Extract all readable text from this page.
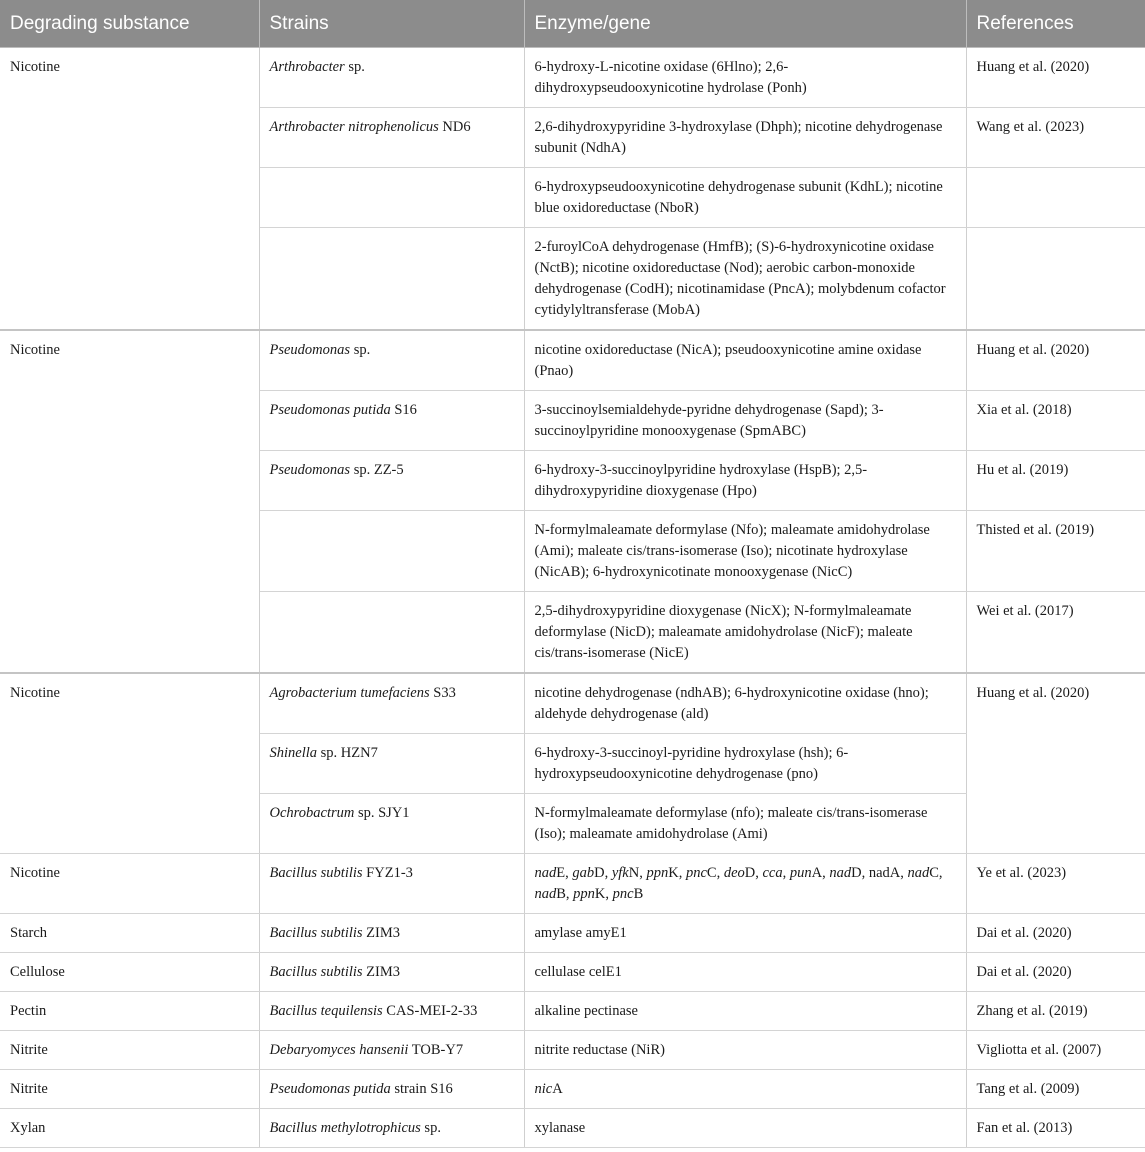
Degrading substance	Strains	Enzyme/gene	References
Nicotine	Arthrobacter sp.	6-hydroxy-L-nicotine oxidase (6Hlno); 2,6-dihydroxypseudooxynicotine hydrolase (Ponh)	Huang et al. (2020)
	Arthrobacter nitrophenolicus ND6	2,6-dihydroxypyridine 3-hydroxylase (Dhph); nicotine dehydrogenase subunit (NdhA)	Wang et al. (2023)
		6-hydroxypseudooxynicotine dehydrogenase subunit (KdhL); nicotine blue oxidoreductase (NboR)	
		2-furoylCoA dehydrogenase (HmfB); (S)-6-hydroxynicotine oxidase (NctB); nicotine oxidoreductase (Nod); aerobic carbon-monoxide dehydrogenase (CodH); nicotinamidase (PncA); molybdenum cofactor cytidylyltransferase (MobA)	
Nicotine	Pseudomonas sp.	nicotine oxidoreductase (NicA); pseudooxynicotine amine oxidase (Pnao)	Huang et al. (2020)
	Pseudomonas putida S16	3-succinoylsemialdehyde-pyridne dehydrogenase (Sapd); 3-succinoylpyridine monooxygenase (SpmABC)	Xia et al. (2018)
	Pseudomonas sp. ZZ-5	6-hydroxy-3-succinoylpyridine hydroxylase (HspB); 2,5-dihydroxypyridine dioxygenase (Hpo)	Hu et al. (2019)
		N-formylmaleamate deformylase (Nfo); maleamate amidohydrolase (Ami); maleate cis/trans-isomerase (Iso); nicotinate hydroxylase (NicAB); 6-hydroxynicotinate monooxygenase (NicC)	Thisted et al. (2019)
		2,5-dihydroxypyridine dioxygenase (NicX); N-formylmaleamate deformylase (NicD); maleamate amidohydrolase (NicF); maleate cis/trans-isomerase (NicE)	Wei et al. (2017)
Nicotine	Agrobacterium tumefaciens S33	nicotine dehydrogenase (ndhAB); 6-hydroxynicotine oxidase (hno); aldehyde dehydrogenase (ald)	Huang et al. (2020)
	Shinella sp. HZN7	6-hydroxy-3-succinoyl-pyridine hydroxylase (hsh); 6-hydroxypseudooxynicotine dehydrogenase (pno)	
	Ochrobactrum sp. SJY1	N-formylmaleamate deformylase (nfo); maleate cis/trans-isomerase (Iso); maleamate amidohydrolase (Ami)	
Nicotine	Bacillus subtilis FYZ1-3	nadE, gabD, yfkN, ppnK, pncC, deoD, cca, punA, nadD, nadA, nadC, nadB, ppnK, pncB	Ye et al. (2023)
Starch	Bacillus subtilis ZIM3	amylase amyE1	Dai et al. (2020)
Cellulose	Bacillus subtilis ZIM3	cellulase celE1	Dai et al. (2020)
Pectin	Bacillus tequilensis CAS-MEI-2-33	alkaline pectinase	Zhang et al. (2019)
Nitrite	Debaryomyces hansenii TOB-Y7	nitrite reductase (NiR)	Vigliotta et al. (2007)
Nitrite	Pseudomonas putida strain S16	nicA	Tang et al. (2009)
Xylan	Bacillus methylotrophicus sp.	xylanase	Fan et al. (2013)
